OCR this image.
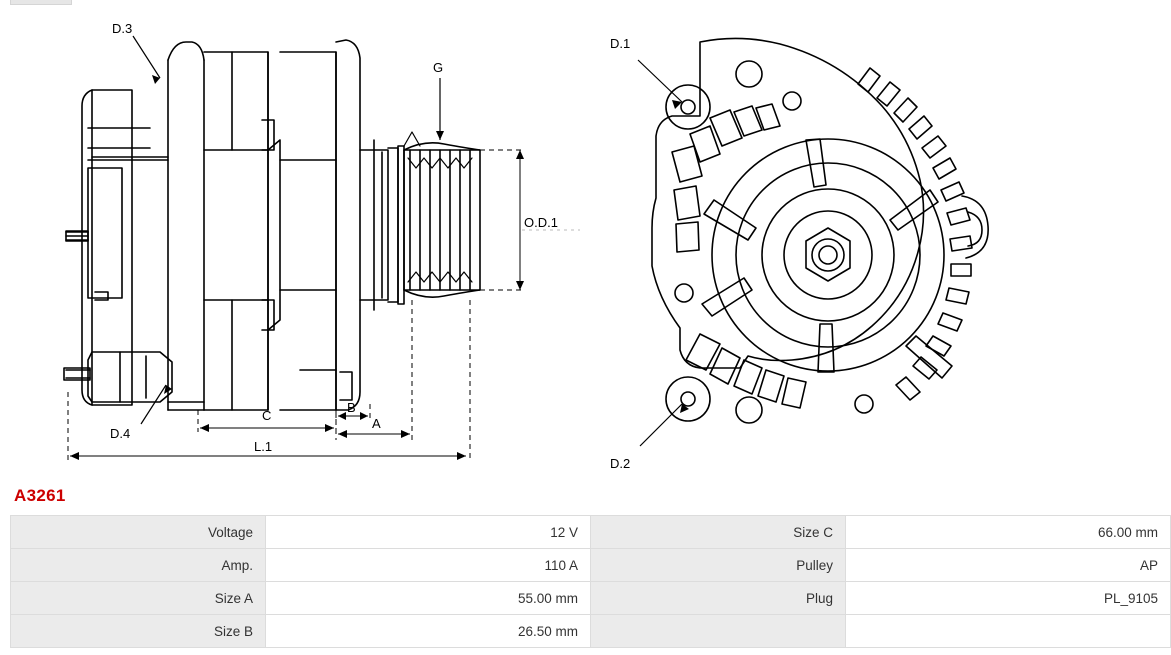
D.3
D.4
G
O.D.1
A
B
C
L.1
D.1
D.2
A3261
Voltage	12 V	Size C	66.00 mm
Amp.	110 A	Pulley	AP
Size A	55.00 mm	Plug	PL_9105
Size B	26.50 mm		
